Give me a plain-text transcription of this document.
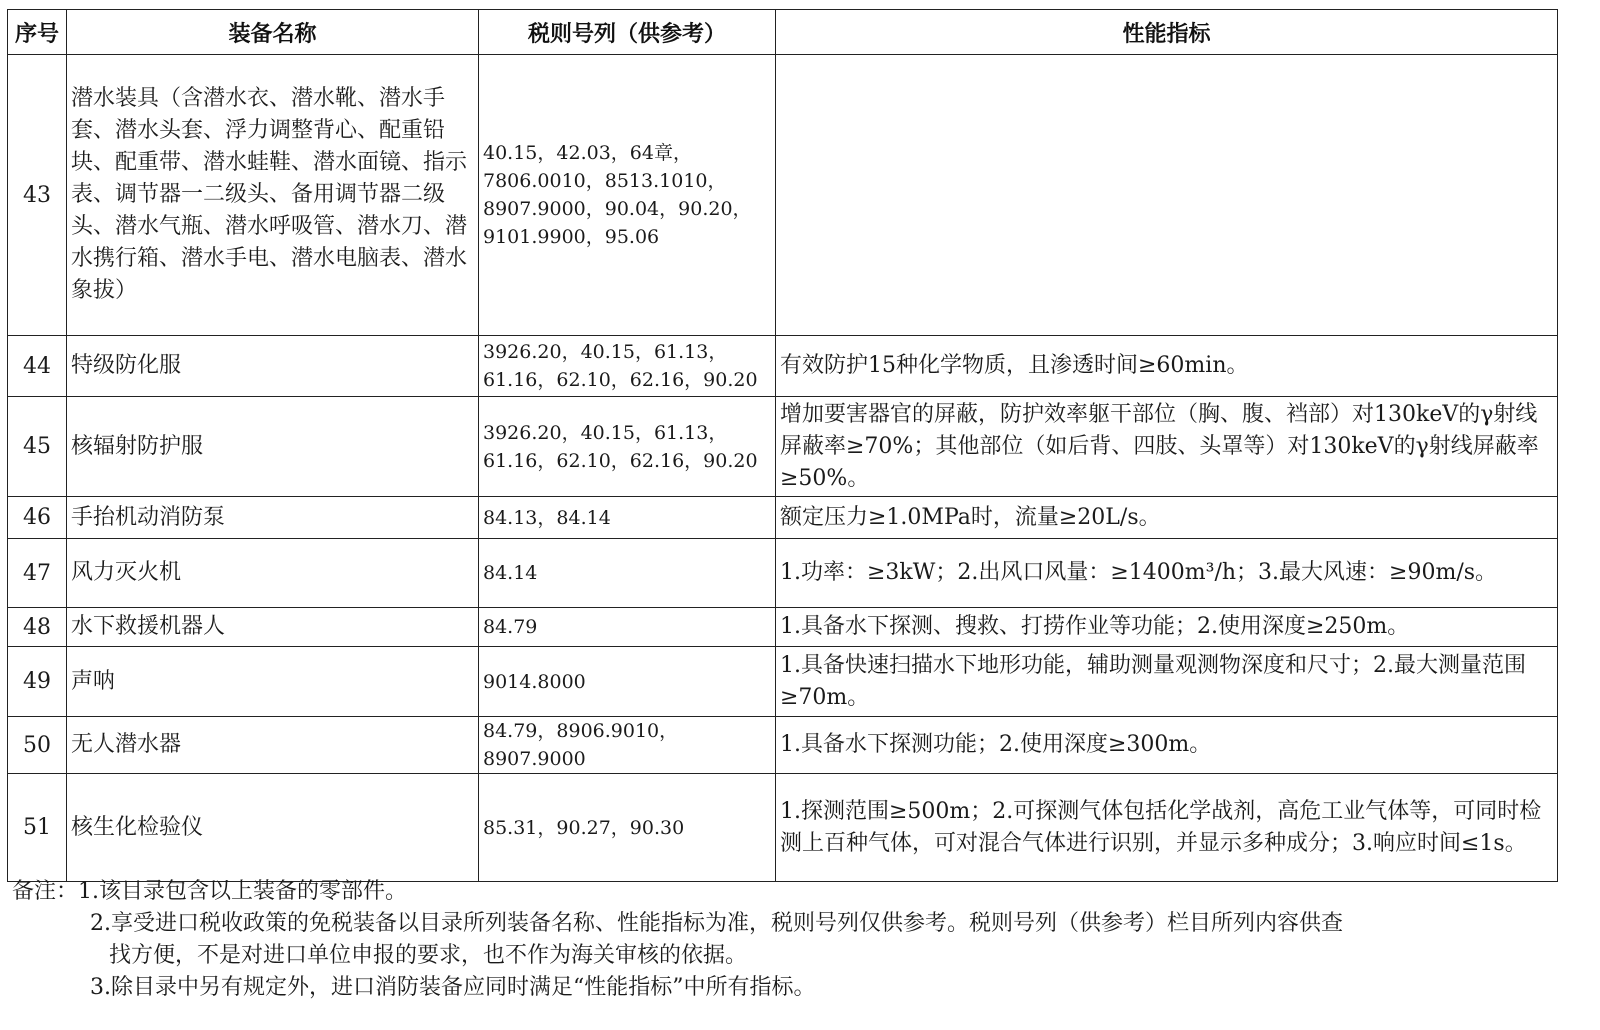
序号	装备名称	税则号列（供参考）	性能指标
43	潜水装具（含潜水衣、潜水靴、潜水手套、潜水头套、浮力调整背心、配重铅块、配重带、潜水蛙鞋、潜水面镜、指示表、调节器一二级头、备用调节器二级头、潜水气瓶、潜水呼吸管、潜水刀、潜水携行箱、潜水手电、潜水电脑表、潜水象拔）	40.15，42.03，64章，
7806.0010，8513.1010，
8907.9000，90.04，90.20，
9101.9900，95.06	
44	特级防化服	3926.20，40.15，61.13，
61.16，62.10，62.16，90.20	有效防护15种化学物质，且渗透时间≥60min。
45	核辐射防护服	3926.20，40.15，61.13，
61.16，62.10，62.16，90.20	增加要害器官的屏蔽，防护效率躯干部位（胸、腹、裆部）对130keV的γ射线屏蔽率≥70%；其他部位（如后背、四肢、头罩等）对130keV的γ射线屏蔽率≥50%。
46	手抬机动消防泵	84.13，84.14	额定压力≥1.0MPa时，流量≥20L/s。
47	风力灭火机	84.14	1.功率：≥3kW；2.出风口风量：≥1400m³/h；3.最大风速：≥90m/s。
48	水下救援机器人	84.79	1.具备水下探测、搜救、打捞作业等功能；2.使用深度≥250m。
49	声呐	9014.8000	1.具备快速扫描水下地形功能，辅助测量观测物深度和尺寸；2.最大测量范围≥70m。
50	无人潜水器	84.79，8906.9010，8907.9000	1.具备水下探测功能；2.使用深度≥300m。
51	核生化检验仪	85.31，90.27，90.30	1.探测范围≥500m；2.可探测气体包括化学战剂，高危工业气体等，可同时检测上百种气体，可对混合气体进行识别，并显示多种成分；3.响应时间≤1s。
备注：1.该目录包含以上装备的零部件。
2.享受进口税收政策的免税装备以目录所列装备名称、性能指标为准，税则号列仅供参考。税则号列（供参考）栏目所列内容供查
找方便，不是对进口单位申报的要求，也不作为海关审核的依据。
3.除目录中另有规定外，进口消防装备应同时满足“性能指标”中所有指标。
